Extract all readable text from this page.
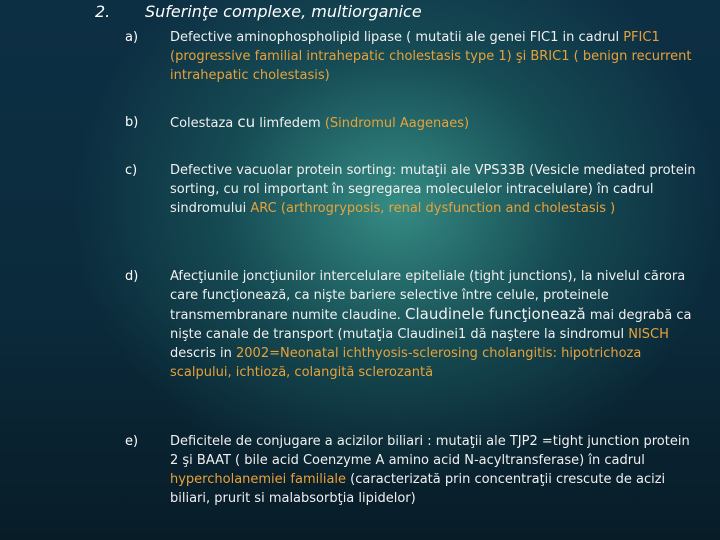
2. Suferinţe complexe, multiorganice
a) Defective aminophospholipid lipase ( mutatii ale genei FIC1 in cadrul PFIC1 (progressive familial intrahepatic cholestasis type 1) şi BRIC1 ( benign recurrent intrahepatic cholestasis)
b) Colestaza cu limfedem (Sindromul Aagenaes)
c)	Defective vacuolar protein sorting: mutaţii ale VPS33B (Vesicle mediated protein sorting, cu rol important în segregarea moleculelor intracelulare) în cadrul sindromului ARC (arthrogryposis, renal dysfunction and cholestasis )
d) Afecţiunile joncţiunilor intercelulare epiteliale (tight junctions), la nivelul cărora care funcţionează, ca nişte bariere selective între celule, proteinele transmembranare numite claudine. Claudinele funcţionează mai degrabă ca nişte canale de transport (mutaţia Claudinei1 dă naştere la sindromul NISCH descris in 2002=Neonatal ichthyosis-sclerosing cholangitis: hipotrichoza scalpului, ichtioză, colangită sclerozantă
e) Deficitele de conjugare a acizilor biliari : mutaţii ale TJP2 =tight junction protein 2 şi BAAT ( bile acid Coenzyme A amino acid N-acyltransferase) în cadrul hypercholanemiei familiale (caracterizată prin concentraţii crescute de acizi biliari, prurit si malabsorbţia lipidelor)
